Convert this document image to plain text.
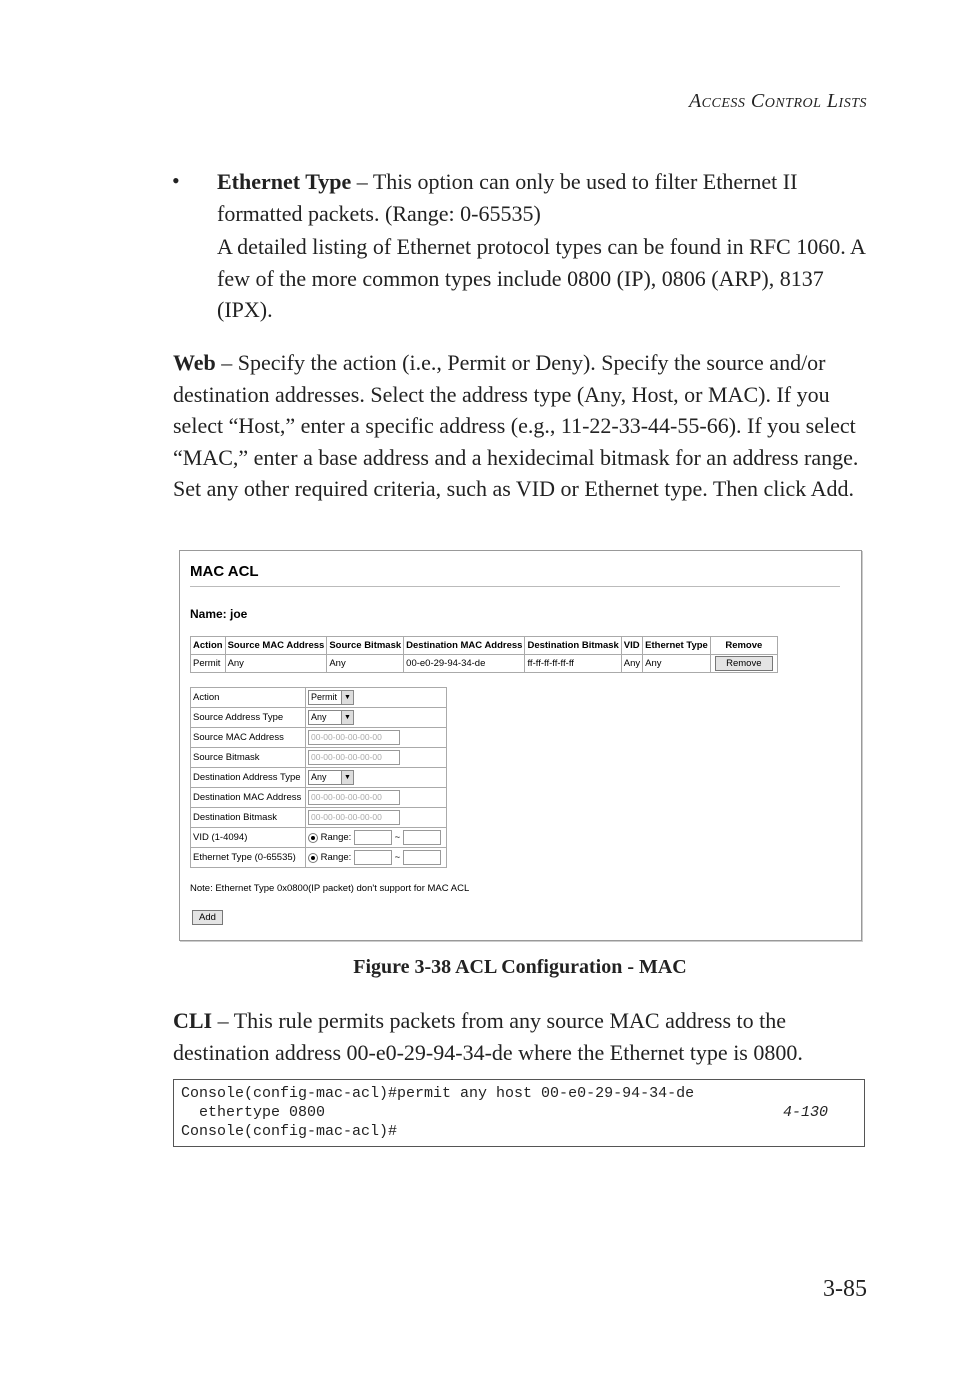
Access Control Lists
• Ethernet Type – This option can only be used to filter Ethernet II formatted packets. (Range: 0-65535)

A detailed listing of Ethernet protocol types can be found in RFC 1060. A few of the more common types include 0800 (IP), 0806 (ARP), 8137 (IPX).

Web – Specify the action (i.e., Permit or Deny). Specify the source and/or destination addresses. Select the address type (Any, Host, or MAC). If you select “Host,” enter a specific address (e.g., 11-22-33-44-55-66). If you select “MAC,” enter a base address and a hexidecimal bitmask for an address range. Set any other required criteria, such as VID or Ethernet type. Then click Add.

MAC ACL
Name: joe
Action	Source MAC Address	Source Bitmask	Destination MAC Address	Destination Bitmask	VID	Ethernet Type	Remove
Permit	Any	Any	00-e0-29-94-34-de	ff-ff-ff-ff-ff-ff	Any	Any	Remove
Action	Permit ▼

Source Address Type	Any ▼

Source MAC Address	00-00-00-00-00-00
Source Bitmask	00-00-00-00-00-00
Destination Address Type	Any ▼

Destination MAC Address	00-00-00-00-00-00
Destination Bitmask	00-00-00-00-00-00
VID (1-4094)	Range: ~
Ethernet Type (0-65535)	Range: ~
Note: Ethernet Type 0x0800(IP packet) don't support for MAC ACL
Add
Figure 3-38 ACL Configuration - MAC

CLI – This rule permits packets from any source MAC address to the destination address 00-e0-29-94-34-de where the Ethernet type is 0800.

Console(config-mac-acl)#permit any host 00-e0-29-94-34-de
ethertype 0800
Console(config-mac-acl)#
4-130
3-85
